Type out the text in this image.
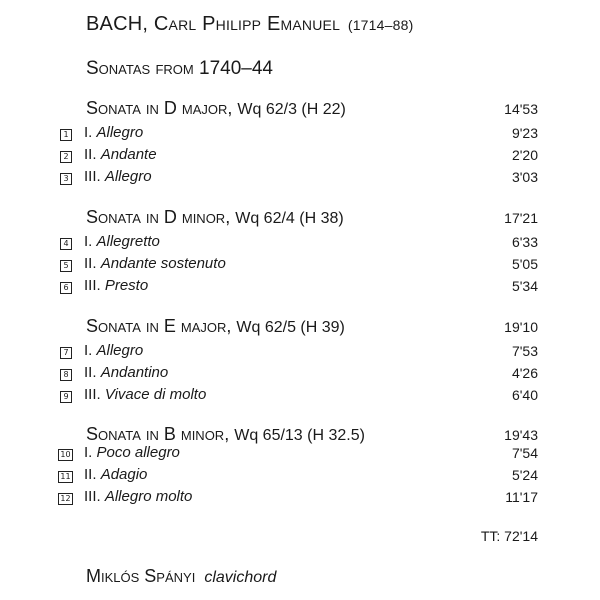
BACH, Carl Philipp Emanuel (1714–88)
Sonatas from 1740–44
Sonata in D major, Wq 62/3 (H 22)	14'53
1 I. Allegro	9'23
2 II. Andante	2'20
3 III. Allegro	3'03
Sonata in D minor, Wq 62/4 (H 38)	17'21
4 I. Allegretto	6'33
5 II. Andante sostenuto	5'05
6 III. Presto	5'34
Sonata in E major, Wq 62/5 (H 39)	19'10
7 I. Allegro	7'53
8 II. Andantino	4'26
9 III. Vivace di molto	6'40
Sonata in B minor, Wq 65/13 (H 32.5)	19'43
10 I. Poco allegro	7'54
11 II. Adagio	5'24
12 III. Allegro molto	11'17
TT: 72'14
Miklós Spányi clavichord
